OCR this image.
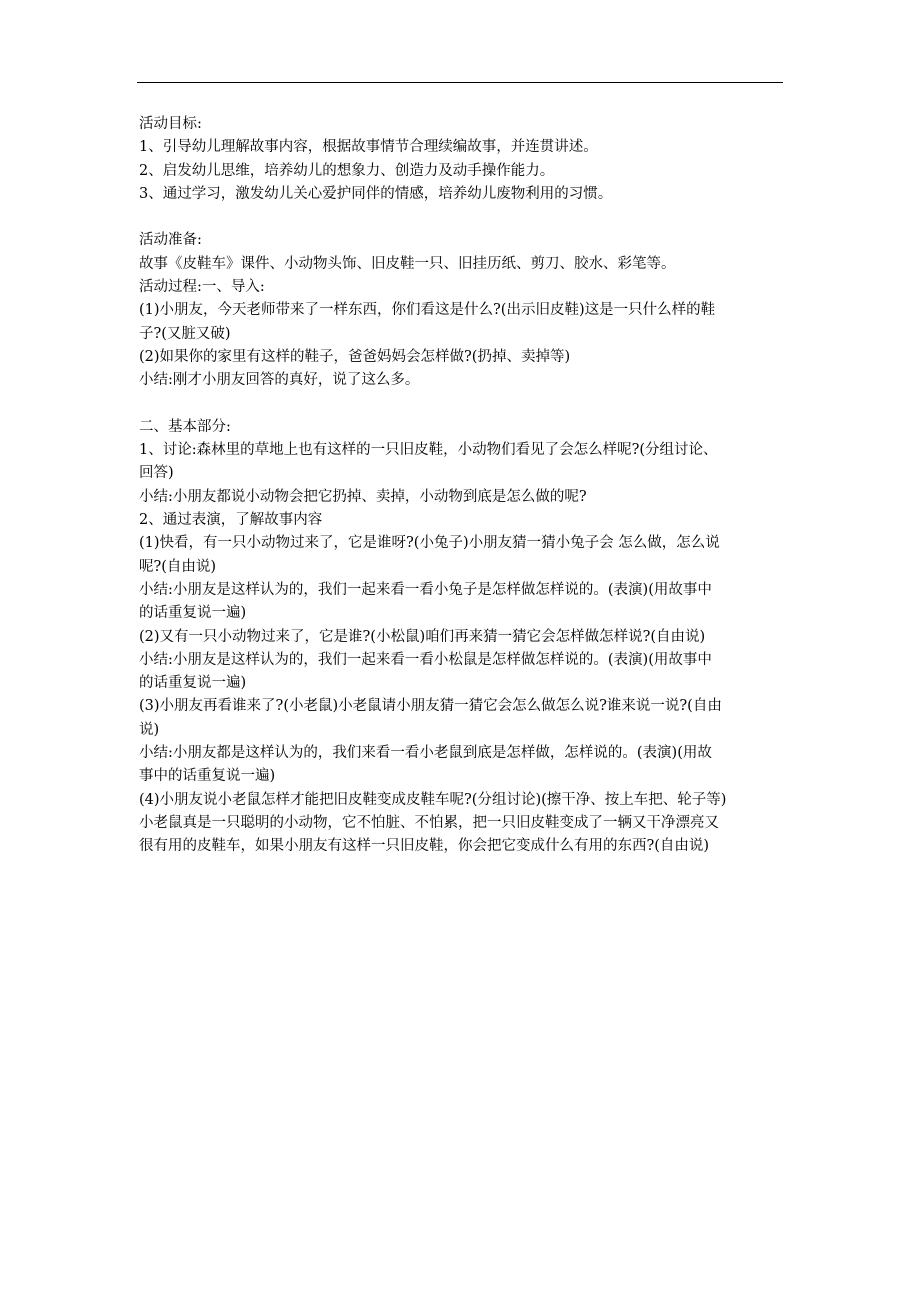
活动目标:
1、引导幼儿理解故事内容，根据故事情节合理续编故事，并连贯讲述。
2、启发幼儿思维，培养幼儿的想象力、创造力及动手操作能力。
3、通过学习，激发幼儿关心爱护同伴的情感，培养幼儿废物利用的习惯。
活动准备:
故事《皮鞋车》课件、小动物头饰、旧皮鞋一只、旧挂历纸、剪刀、胶水、彩笔等。
活动过程:一、导入:
(1)小朋友，今天老师带来了一样东西，你们看这是什么?(出示旧皮鞋)这是一只什么样的鞋
子?(又脏又破)
(2)如果你的家里有这样的鞋子，爸爸妈妈会怎样做?(扔掉、卖掉等)
小结:刚才小朋友回答的真好，说了这么多。
二、基本部分:
1、讨论:森林里的草地上也有这样的一只旧皮鞋，小动物们看见了会怎么样呢?(分组讨论、
回答)
小结:小朋友都说小动物会把它扔掉、卖掉，小动物到底是怎么做的呢?
2、通过表演，了解故事内容
(1)快看，有一只小动物过来了，它是谁呀?(小兔子)小朋友猜一猜小兔子会 怎么做，怎么说
呢?(自由说)
小结:小朋友是这样认为的，我们一起来看一看小兔子是怎样做怎样说的。(表演)(用故事中
的话重复说一遍)
(2)又有一只小动物过来了，它是谁?(小松鼠)咱们再来猜一猜它会怎样做怎样说?(自由说)
小结:小朋友是这样认为的，我们一起来看一看小松鼠是怎样做怎样说的。(表演)(用故事中
的话重复说一遍)
(3)小朋友再看谁来了?(小老鼠)小老鼠请小朋友猜一猜它会怎么做怎么说?谁来说一说?(自由
说)
小结:小朋友都是这样认为的，我们来看一看小老鼠到底是怎样做，怎样说的。(表演)(用故
事中的话重复说一遍)
(4)小朋友说小老鼠怎样才能把旧皮鞋变成皮鞋车呢?(分组讨论)(擦干净、按上车把、轮子等)
小老鼠真是一只聪明的小动物，它不怕脏、不怕累，把一只旧皮鞋变成了一辆又干净漂亮又
很有用的皮鞋车，如果小朋友有这样一只旧皮鞋，你会把它变成什么有用的东西?(自由说)
